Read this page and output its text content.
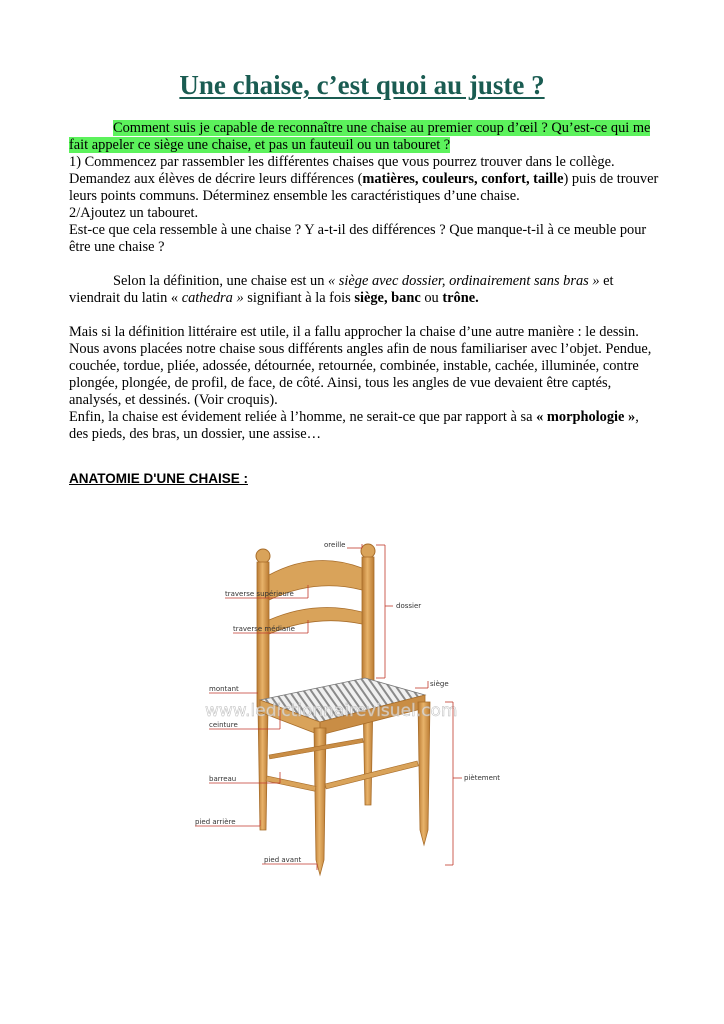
Une chaise, c’est quoi au juste ?

Comment suis je capable de reconnaître une chaise au premier coup d’œil ? Qu’est-ce qui me fait appeler ce siège une chaise, et pas un fauteuil ou un tabouret ?

1) Commencez par rassembler les différentes chaises que vous pourrez trouver dans le collège.

Demandez aux élèves de décrire leurs différences (matières, couleurs, confort, taille) puis de trouver leurs points communs. Déterminez ensemble les caractéristiques d’une chaise.

2/Ajoutez un tabouret.

Est-ce que cela ressemble à une chaise ? Y a-t-il des différences ? Que manque-t-il à ce meuble pour être une chaise ?

Selon la définition, une chaise est un « siège avec dossier, ordinairement sans bras » et viendrait du latin « cathedra » signifiant à la fois siège, banc ou trône.

Mais si la définition littéraire est utile, il a fallu approcher la chaise d’une autre manière : le dessin. Nous avons placées notre chaise sous différents angles afin de nous familiariser avec l’objet. Pendue, couchée, tordue, pliée, adossée, détournée, retournée, combinée, instable, cachée, illuminée, contre plongée, plongée, de profil, de face, de côté. Ainsi, tous les angles de vue devaient être captés, analysés, et dessinés. (Voir croquis).

Enfin, la chaise est évidement reliée à l’homme, ne serait-ce que par rapport à sa « morphologie », des pieds, des bras, un dossier, une assise…

ANATOMIE D'UNE CHAISE :
www.ledictionnairevisuel.com
oreille
traverse supérieure
dossier
traverse médiane
siège
montant
ceinture
barreau	piètement
pied arrière
pied avant
